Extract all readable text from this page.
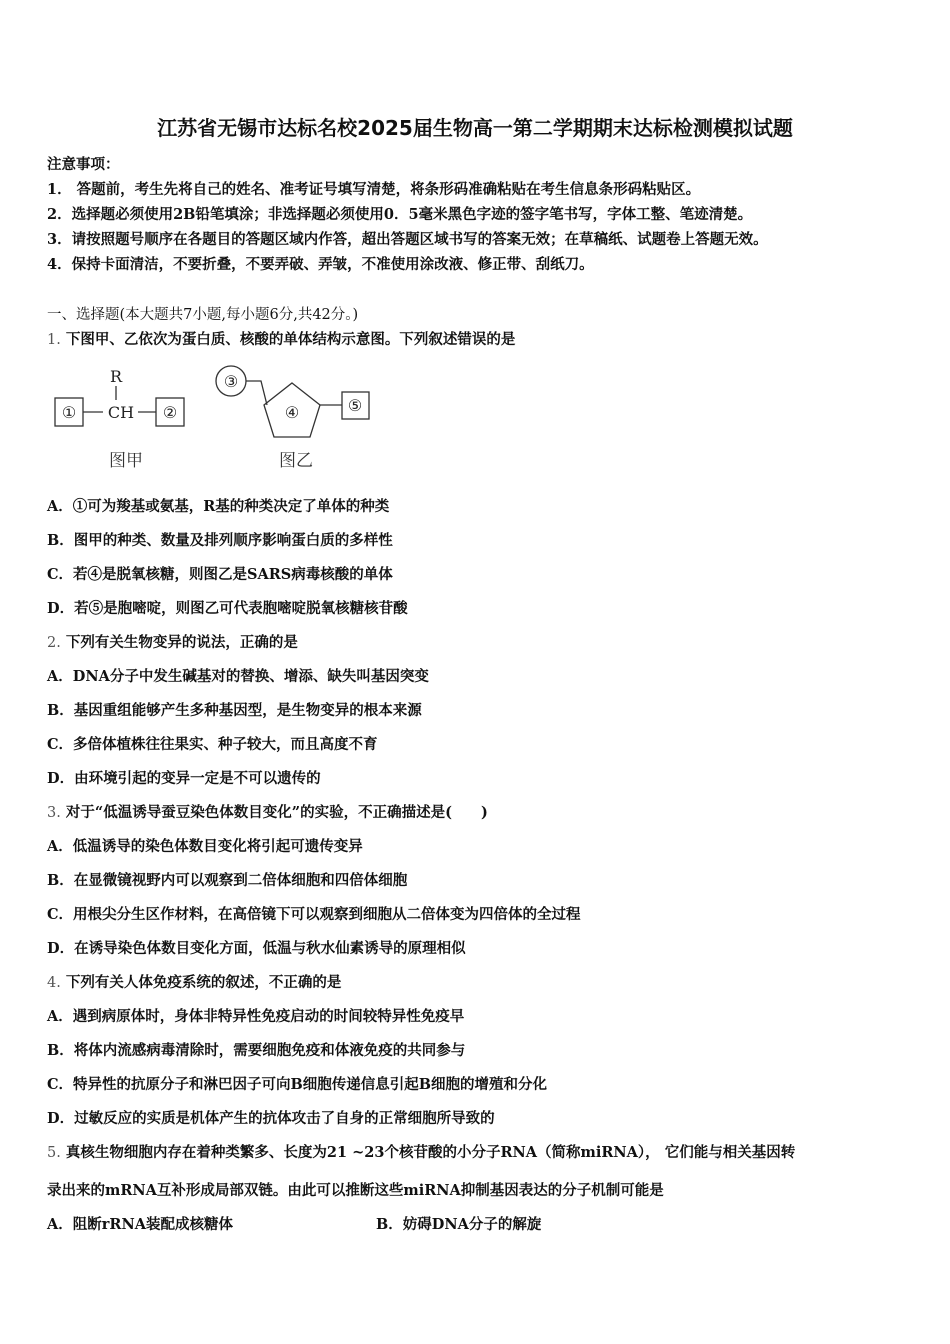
江苏省无锡市达标名校2025届生物高一第二学期期末达标检测模拟试题
注意事项：
1． 答题前，考生先将自己的姓名、准考证号填写清楚，将条形码准确粘贴在考生信息条形码粘贴区。
2．选择题必须使用2B铅笔填涂；非选择题必须使用0．5毫米黑色字迹的签字笔书写，字体工整、笔迹清楚。
3．请按照题号顺序在各题目的答题区域内作答，超出答题区域书写的答案无效；在草稿纸、试题卷上答题无效。
4．保持卡面清洁，不要折叠，不要弄破、弄皱，不准使用涂改液、修正带、刮纸刀。
一、选择题(本大题共7小题,每小题6分,共42分。)
1. 下图甲、乙依次为蛋白质、核酸的单体结构示意图。下列叙述错误的是
①
R
CH ②
图甲
③
④	⑤
图乙
A．①可为羧基或氨基，R基的种类决定了单体的种类
B．图甲的种类、数量及排列顺序影响蛋白质的多样性
C．若④是脱氧核糖，则图乙是SARS病毒核酸的单体
D．若⑤是胞嘧啶，则图乙可代表胞嘧啶脱氧核糖核苷酸
2. 下列有关生物变异的说法，正确的是
A．DNA分子中发生碱基对的替换、增添、缺失叫基因突变
B．基因重组能够产生多种基因型，是生物变异的根本来源
C．多倍体植株往往果实、种子较大，而且高度不育
D．由环境引起的变异一定是不可以遗传的
3. 对于“低温诱导蚕豆染色体数目变化”的实验，不正确描述是(　　)
A．低温诱导的染色体数目变化将引起可遗传变异
B．在显微镜视野内可以观察到二倍体细胞和四倍体细胞
C．用根尖分生区作材料，在高倍镜下可以观察到细胞从二倍体变为四倍体的全过程
D．在诱导染色体数目变化方面，低温与秋水仙素诱导的原理相似
4. 下列有关人体免疫系统的叙述，不正确的是
A．遇到病原体时，身体非特异性免疫启动的时间较特异性免疫早
B．将体内流感病毒清除时，需要细胞免疫和体液免疫的共同参与
C．特异性的抗原分子和淋巴因子可向B细胞传递信息引起B细胞的增殖和分化
D．过敏反应的实质是机体产生的抗体攻击了自身的正常细胞所导致的
5. 真核生物细胞内存在着种类繁多、长度为21 ~23个核苷酸的小分子RNA（简称miRNA）， 它们能与相关基因转
录出来的mRNA互补形成局部双链。由此可以推断这些miRNA抑制基因表达的分子机制可能是
A．阻断rRNA装配成核糖体	B．妨碍DNA分子的解旋
